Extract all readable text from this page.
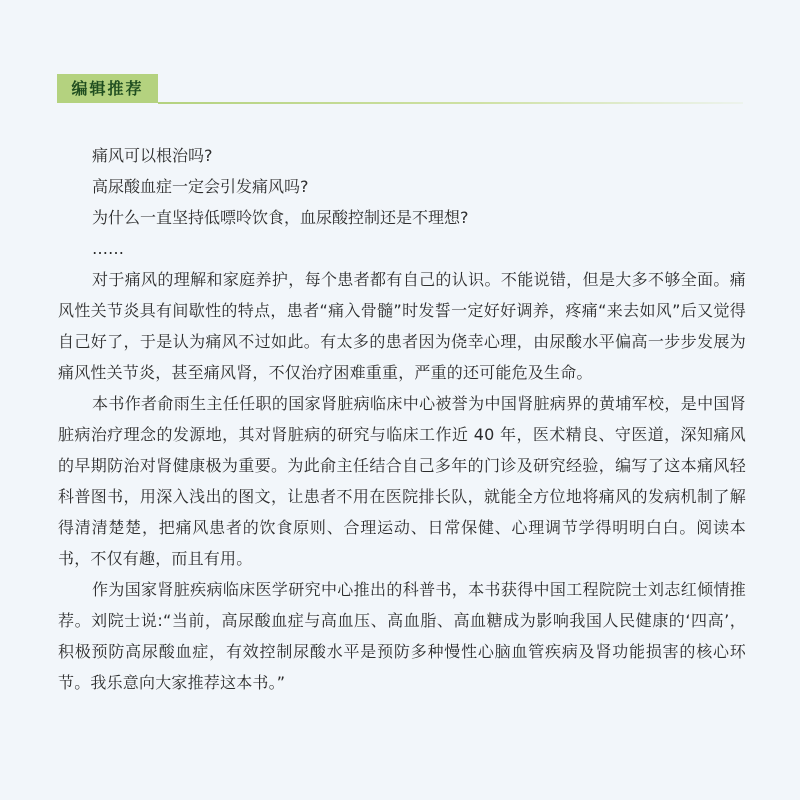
编辑推荐

痛风可以根治吗?

高尿酸血症一定会引发痛风吗?

为什么一直坚持低嘌呤饮食，血尿酸控制还是不理想?

……

对于痛风的理解和家庭养护，每个患者都有自己的认识。不能说错，但是大多不够全面。痛风性关节炎具有间歇性的特点，患者“痛入骨髓”时发誓一定好好调养，疼痛“来去如风”后又觉得自己好了，于是认为痛风不过如此。有太多的患者因为侥幸心理，由尿酸水平偏高一步步发展为痛风性关节炎，甚至痛风肾，不仅治疗困难重重，严重的还可能危及生命。

本书作者俞雨生主任任职的国家肾脏病临床中心被誉为中国肾脏病界的黄埔军校，是中国肾脏病治疗理念的发源地，其对肾脏病的研究与临床工作近 40 年，医术精良、守医道，深知痛风的早期防治对肾健康极为重要。为此俞主任结合自己多年的门诊及研究经验，编写了这本痛风轻科普图书，用深入浅出的图文，让患者不用在医院排长队，就能全方位地将痛风的发病机制了解得清清楚楚，把痛风患者的饮食原则、合理运动、日常保健、心理调节学得明明白白。阅读本书，不仅有趣，而且有用。

作为国家肾脏疾病临床医学研究中心推出的科普书，本书获得中国工程院院士刘志红倾情推荐。刘院士说:“当前，高尿酸血症与高血压、高血脂、高血糖成为影响我国人民健康的‘四高’，积极预防高尿酸血症，有效控制尿酸水平是预防多种慢性心脑血管疾病及肾功能损害的核心环节。我乐意向大家推荐这本书。”
